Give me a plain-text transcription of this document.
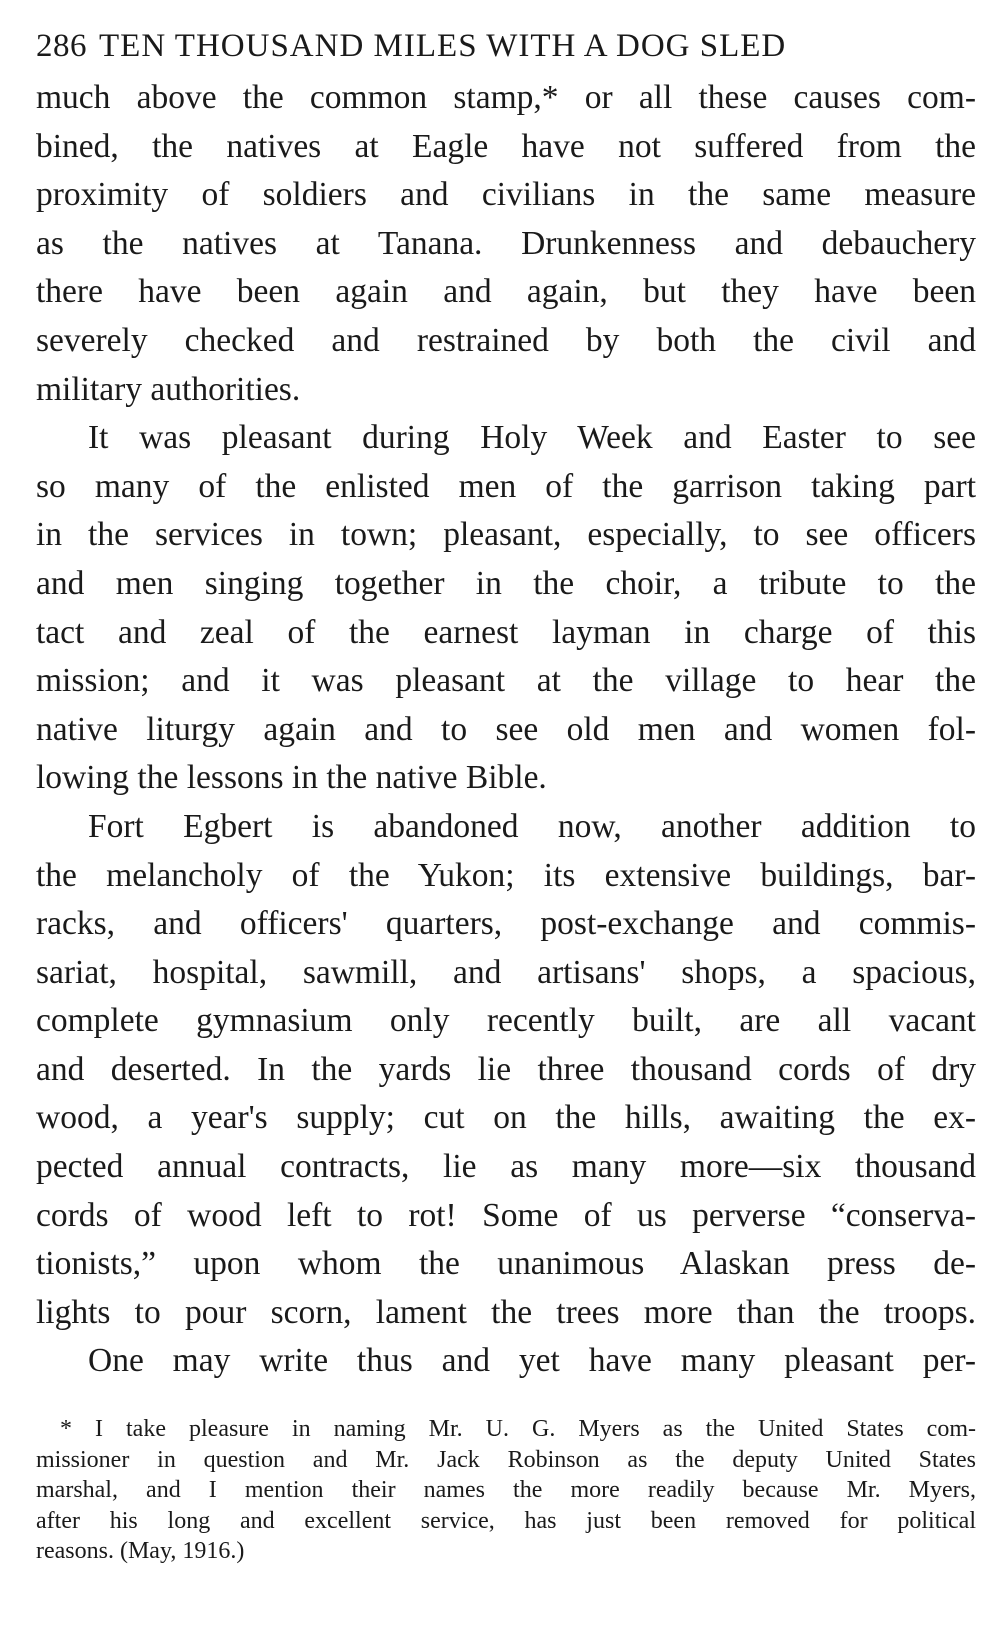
286 TEN THOUSAND MILES WITH A DOG SLED
much above the common stamp,* or all these causes com-
bined, the natives at Eagle have not suffered from the
proximity of soldiers and civilians in the same measure
as the natives at Tanana. Drunkenness and debauchery
there have been again and again, but they have been
severely checked and restrained by both the civil and
military authorities.
It was pleasant during Holy Week and Easter to see
so many of the enlisted men of the garrison taking part
in the services in town; pleasant, especially, to see officers
and men singing together in the choir, a tribute to the
tact and zeal of the earnest layman in charge of this
mission; and it was pleasant at the village to hear the
native liturgy again and to see old men and women fol-
lowing the lessons in the native Bible.
Fort Egbert is abandoned now, another addition to
the melancholy of the Yukon; its extensive buildings, bar-
racks, and officers' quarters, post-exchange and commis-
sariat, hospital, sawmill, and artisans' shops, a spacious,
complete gymnasium only recently built, are all vacant
and deserted. In the yards lie three thousand cords of dry
wood, a year's supply; cut on the hills, awaiting the ex-
pected annual contracts, lie as many more—six thousand
cords of wood left to rot! Some of us perverse “conserva-
tionists,” upon whom the unanimous Alaskan press de-
lights to pour scorn, lament the trees more than the troops.
One may write thus and yet have many pleasant per-
* I take pleasure in naming Mr. U. G. Myers as the United States com-
missioner in question and Mr. Jack Robinson as the deputy United States
marshal, and I mention their names the more readily because Mr. Myers,
after his long and excellent service, has just been removed for political
reasons. (May, 1916.)
